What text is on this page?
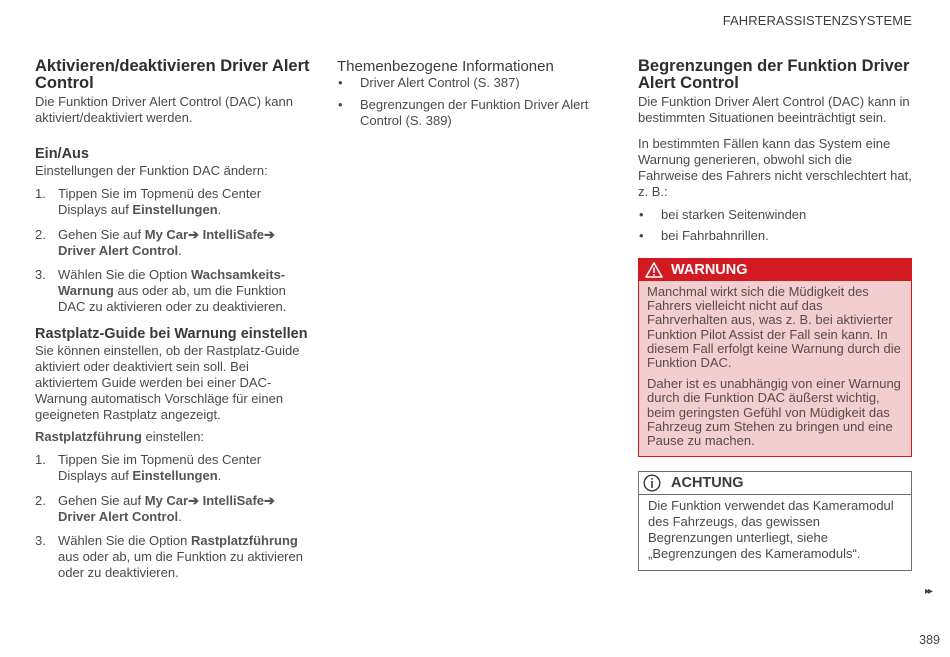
FAHRERASSISTENZSYSTEME
Aktivieren/deaktivieren Driver Alert Control

Die Funktion Driver Alert Control (DAC) kann aktiviert/deaktiviert werden.

Ein/Aus

Einstellungen der Funktion DAC ändern:

1. Tippen Sie im Topmenü des Center Displays auf Einstellungen.
2. Gehen Sie auf My Car➔ IntelliSafe➔ Driver Alert Control.
3. Wählen Sie die Option Wachsamkeits-Warnung aus oder ab, um die Funktion DAC zu aktivieren oder zu deaktivieren.
Rastplatz-Guide bei Warnung einstellen

Sie können einstellen, ob der Rastplatz-Guide aktiviert oder deaktiviert sein soll. Bei aktiviertem Guide werden bei einer DAC-Warnung automatisch Vorschläge für einen geeigneten Rastplatz angezeigt.

Rastplatzführung einstellen:

1. Tippen Sie im Topmenü des Center Displays auf Einstellungen.
2. Gehen Sie auf My Car➔ IntelliSafe➔ Driver Alert Control.
3. Wählen Sie die Option Rastplatzführung aus oder ab, um die Funktion zu aktivieren oder zu deaktivieren.
Themenbezogene Informationen
• Driver Alert Control (S. 387)
• Begrenzungen der Funktion Driver Alert Control (S. 389)
Begrenzungen der Funktion Driver Alert Control

Die Funktion Driver Alert Control (DAC) kann in bestimmten Situationen beeinträchtigt sein.

In bestimmten Fällen kann das System eine Warnung generieren, obwohl sich die Fahrweise des Fahrers nicht verschlechtert hat, z. B.:

• bei starken Seitenwinden
• bei Fahrbahnrillen.
WARNUNG

Manchmal wirkt sich die Müdigkeit des Fahrers vielleicht nicht auf das Fahrverhalten aus, was z. B. bei aktivierter Funktion Pilot Assist der Fall sein kann. In diesem Fall erfolgt keine Warnung durch die Funktion DAC.

Daher ist es unabhängig von einer Warnung durch die Funktion DAC äußerst wichtig, beim geringsten Gefühl von Müdigkeit das Fahrzeug zum Stehen zu bringen und eine Pause zu machen.

ACHTUNG

Die Funktion verwendet das Kameramodul des Fahrzeugs, das gewissen Begrenzungen unterliegt, siehe „Begrenzungen des Kameramoduls“.

▸▸
389
